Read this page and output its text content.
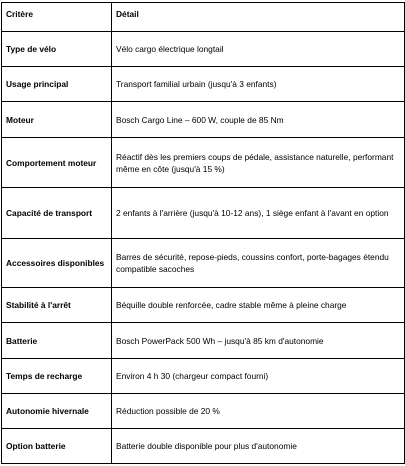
Critère	Détail
Type de vélo	Vélo cargo électrique longtail
Usage principal	Transport familial urbain (jusqu'à 3 enfants)
Moteur	Bosch Cargo Line – 600 W, couple de 85 Nm
Comportement moteur	Réactif dès les premiers coups de pédale, assistance naturelle, performant même en côte (jusqu'à 15 %)
Capacité de transport	2 enfants à l'arrière (jusqu'à 10-12 ans), 1 siège enfant à l'avant en option
Accessoires disponibles	Barres de sécurité, repose-pieds, coussins confort, porte-bagages étendu compatible sacoches
Stabilité à l'arrêt	Béquille double renforcée, cadre stable même à pleine charge
Batterie	Bosch PowerPack 500 Wh – jusqu'à 85 km d'autonomie
Temps de recharge	Environ 4 h 30 (chargeur compact fourni)
Autonomie hivernale	Réduction possible de 20 %
Option batterie	Batterie double disponible pour plus d'autonomie
